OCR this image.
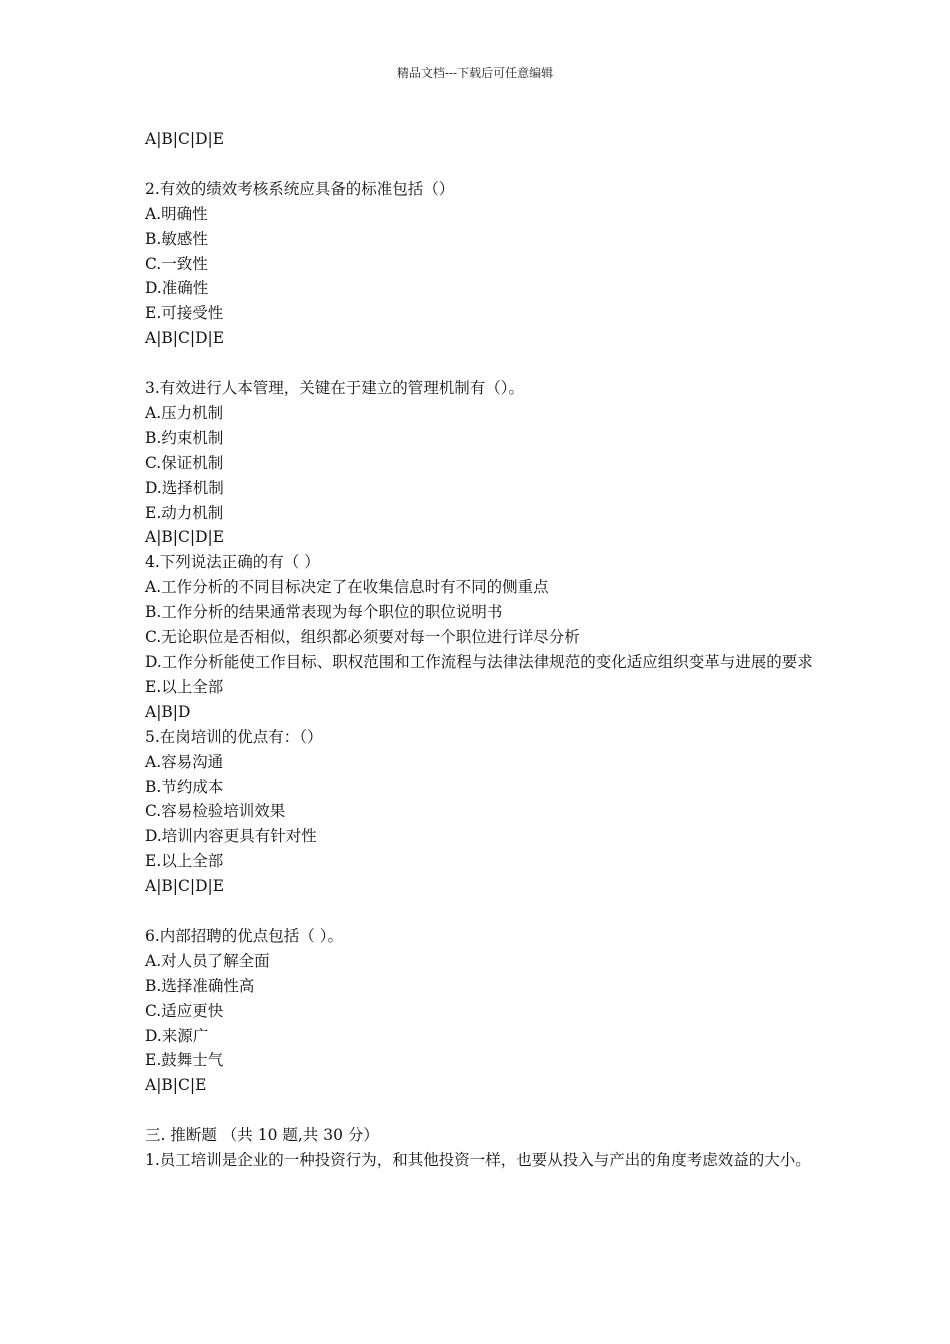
精品文档---下载后可任意编辑
A|B|C|D|E
2.有效的绩效考核系统应具备的标准包括（）
A.明确性
B.敏感性
C.一致性
D.准确性
E.可接受性
A|B|C|D|E
3.有效进行人本管理，关键在于建立的管理机制有（）。
A.压力机制
B.约束机制
C.保证机制
D.选择机制
E.动力机制
A|B|C|D|E
4.下列说法正确的有（ ）
A.工作分析的不同目标决定了在收集信息时有不同的侧重点
B.工作分析的结果通常表现为每个职位的职位说明书
C.无论职位是否相似，组织都必须要对每一个职位进行详尽分析
D.工作分析能使工作目标、职权范围和工作流程与法律法律规范的变化适应组织变革与进展的要求
E.以上全部
A|B|D
5.在岗培训的优点有：（）
A.容易沟通
B.节约成本
C.容易检验培训效果
D.培训内容更具有针对性
E.以上全部
A|B|C|D|E
6.内部招聘的优点包括（ ）。
A.对人员了解全面
B.选择准确性高
C.适应更快
D.来源广
E.鼓舞士气
A|B|C|E
三. 推断题 （共 10 题,共 30 分）
1.员工培训是企业的一种投资行为，和其他投资一样，也要从投入与产出的角度考虑效益的大小。
